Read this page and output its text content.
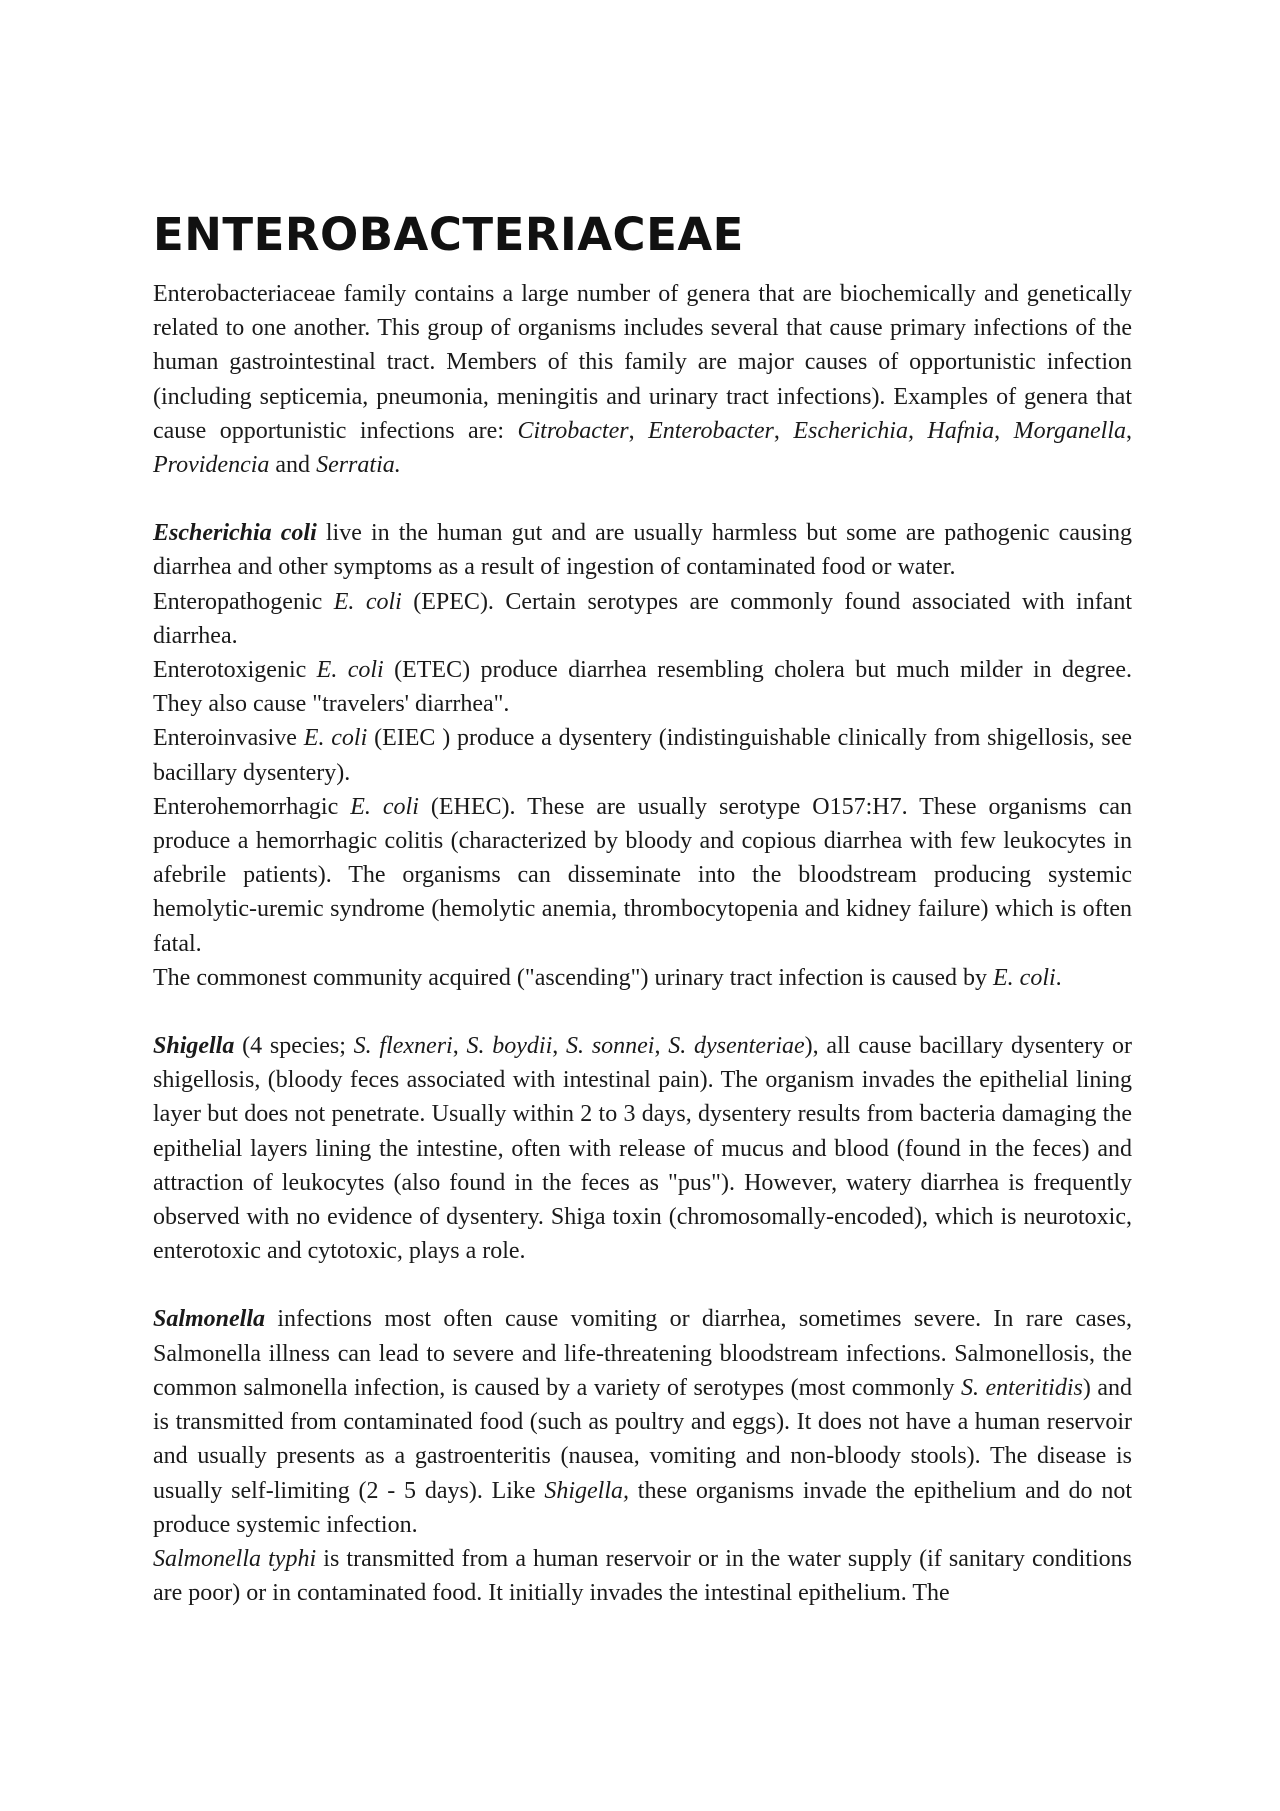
ENTEROBACTERIACEAE

Enterobacteriaceae family contains a large number of genera that are biochemically and genetically related to one another. This group of organisms includes several that cause primary infections of the human gastrointestinal tract. Members of this family are major causes of opportunistic infection (including septicemia, pneumonia, meningitis and urinary tract infections). Examples of genera that cause opportunistic infections are: Citrobacter, Enterobacter, Escherichia, Hafnia, Morganella, Providencia and Serratia.

Escherichia coli live in the human gut and are usually harmless but some are pathogenic causing diarrhea and other symptoms as a result of ingestion of contaminated food or water.

Enteropathogenic E. coli (EPEC). Certain serotypes are commonly found associated with infant diarrhea.

Enterotoxigenic E. coli (ETEC) produce diarrhea resembling cholera but much milder in degree. They also cause "travelers' diarrhea".

Enteroinvasive E. coli (EIEC ) produce a dysentery (indistinguishable clinically from shigellosis, see bacillary dysentery).

Enterohemorrhagic E. coli (EHEC). These are usually serotype O157:H7. These organisms can produce a hemorrhagic colitis (characterized by bloody and copious diarrhea with few leukocytes in afebrile patients). The organisms can disseminate into the bloodstream producing systemic hemolytic-uremic syndrome (hemolytic anemia, thrombocytopenia and kidney failure) which is often fatal.

The commonest community acquired ("ascending") urinary tract infection is caused by E. coli.

Shigella (4 species; S. flexneri, S. boydii, S. sonnei, S. dysenteriae), all cause bacillary dysentery or shigellosis, (bloody feces associated with intestinal pain). The organism invades the epithelial lining layer but does not penetrate. Usually within 2 to 3 days, dysentery results from bacteria damaging the epithelial layers lining the intestine, often with release of mucus and blood (found in the feces) and attraction of leukocytes (also found in the feces as "pus"). However, watery diarrhea is frequently observed with no evidence of dysentery. Shiga toxin (chromosomally-encoded), which is neurotoxic, enterotoxic and cytotoxic, plays a role.

Salmonella infections most often cause vomiting or diarrhea, sometimes severe. In rare cases, Salmonella illness can lead to severe and life-threatening bloodstream infections. Salmonellosis, the common salmonella infection, is caused by a variety of serotypes (most commonly S. enteritidis) and is transmitted from contaminated food (such as poultry and eggs). It does not have a human reservoir and usually presents as a gastroenteritis (nausea, vomiting and non-bloody stools). The disease is usually self-limiting (2 - 5 days). Like Shigella, these organisms invade the epithelium and do not produce systemic infection.

Salmonella typhi is transmitted from a human reservoir or in the water supply (if sanitary conditions are poor) or in contaminated food. It initially invades the intestinal epithelium. The
